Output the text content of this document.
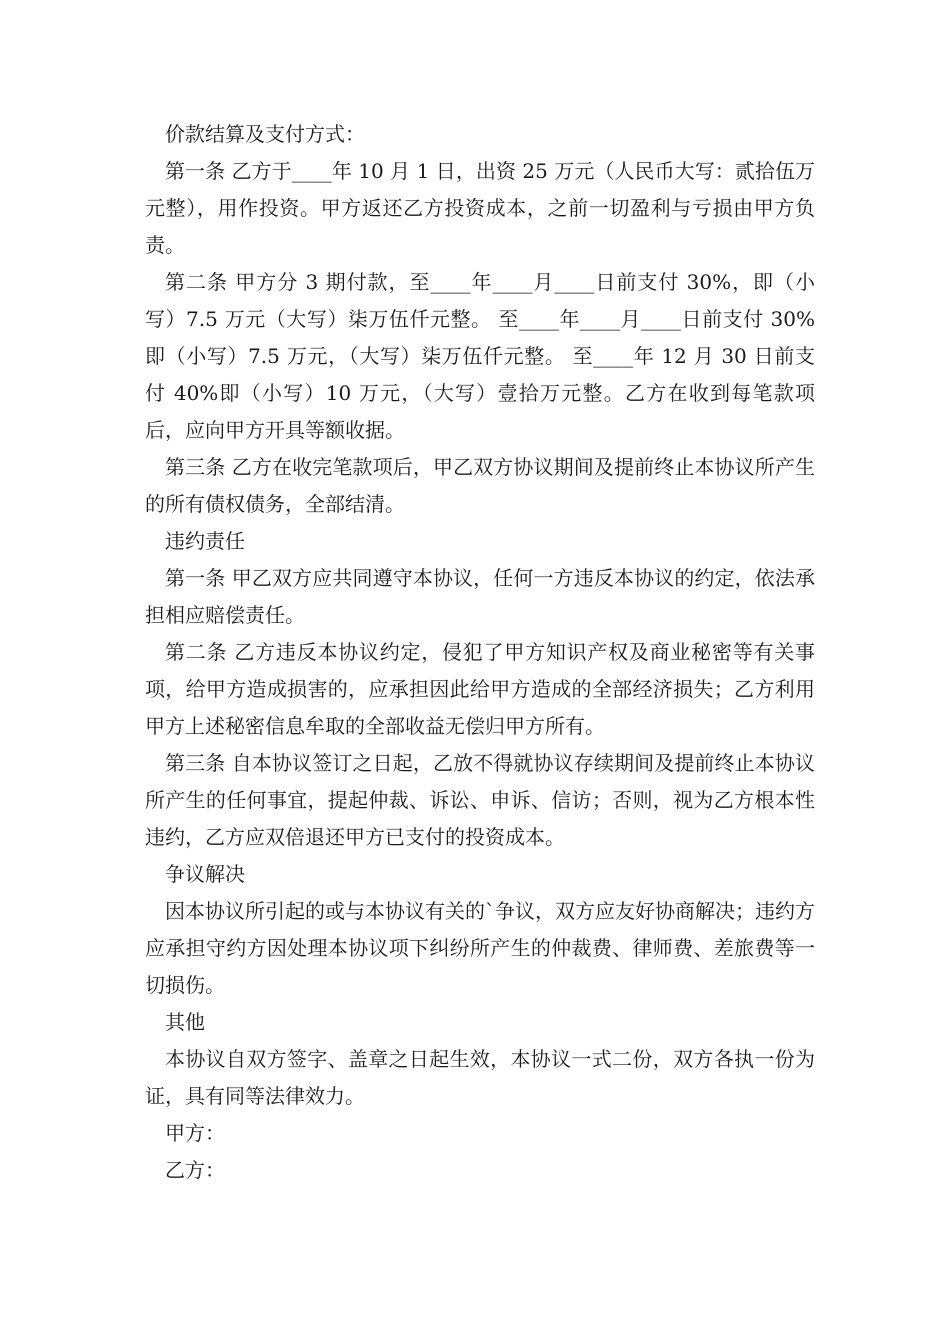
价款结算及支付方式：

第一条 乙方于____年 10 月 1 日，出资 25 万元（人民币大写：贰拾伍万元整），用作投资。甲方返还乙方投资成本，之前一切盈利与亏损由甲方负责。

第二条 甲方分 3 期付款，至____年____月____日前支付 30%，即（小写）7.5 万元（大写）柒万伍仟元整。 至____年____月____日前支付 30%即（小写）7.5 万元，（大写）柒万伍仟元整。 至____年 12 月 30 日前支付 40%即（小写）10 万元，（大写）壹拾万元整。乙方在收到每笔款项后，应向甲方开具等额收据。

第三条 乙方在收完笔款项后，甲乙双方协议期间及提前终止本协议所产生的所有债权债务，全部结清。

违约责任

第一条 甲乙双方应共同遵守本协议，任何一方违反本协议的约定，依法承担相应赔偿责任。

第二条 乙方违反本协议约定，侵犯了甲方知识产权及商业秘密等有关事项，给甲方造成损害的，应承担因此给甲方造成的全部经济损失；乙方利用甲方上述秘密信息牟取的全部收益无偿归甲方所有。

第三条 自本协议签订之日起，乙放不得就协议存续期间及提前终止本协议所产生的任何事宜，提起仲裁、诉讼、申诉、信访；否则，视为乙方根本性违约，乙方应双倍退还甲方已支付的投资成本。

争议解决

因本协议所引起的或与本协议有关的`争议，双方应友好协商解决；违约方应承担守约方因处理本协议项下纠纷所产生的仲裁费、律师费、差旅费等一切损伤。

其他

本协议自双方签字、盖章之日起生效，本协议一式二份，双方各执一份为证，具有同等法律效力。

甲方：

乙方：
